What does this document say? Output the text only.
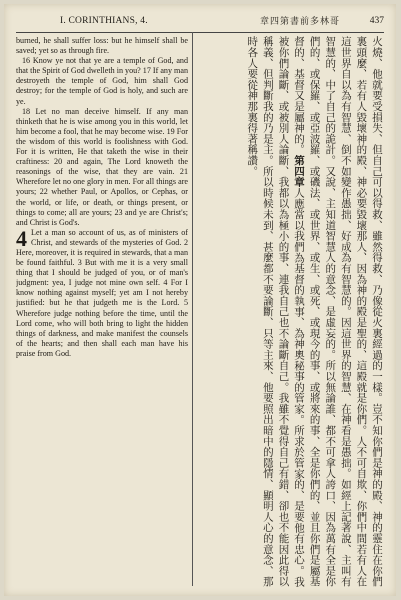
I. CORINTHIANS, 4.	章四第書前多林哥	437

burned, he shall suffer loss: but he himself shall be saved; yet so as through fire.

16 Know ye not that ye are a temple of God, and that the Spirit of God dwelleth in you? 17 If any man destroyeth the temple of God, him shall God destroy; for the temple of God is holy, and such are ye.

18 Let no man deceive himself. If any man thinketh that he is wise among you in this world, let him become a fool, that he may become wise. 19 For the wisdom of this world is foolishness with God. For it is written, He that taketh the wise in their craftiness: 20 and again, The Lord knoweth the reasonings of the wise, that they are vain. 21 Wherefore let no one glory in men. For all things are yours; 22 whether Paul, or Apollos, or Cephas, or the world, or life, or death, or things present, or things to come; all are yours; 23 and ye are Christ's; and Christ is God's.

4 Let a man so account of us, as of ministers of Christ, and stewards of the mysteries of God. 2 Here, moreover, it is required in stewards, that a man be found faithful. 3 But with me it is a very small thing that I should be judged of you, or of man's judgment: yea, I judge not mine own self. 4 For I know nothing against myself; yet am I not hereby justified: but he that judgeth me is the Lord. 5 Wherefore judge nothing before the time, until the Lord come, who will both bring to light the hidden things of darkness, and make manifest the counsels of the hearts; and then shall each man have his praise from God.	火燒、他就要受損失、但自己可以得救、雖然得救、乃像從火裏經過的一樣。豈不知你們是神的殿、神的靈住在你們裏頭麼、若有人毀壞神的殿、神必要毀壞那人、因為神的殿是聖的、這殿就是你們。人不可自欺、你們中間若有人在這世界自以為有智慧、倒不如變作愚拙、好成為有智慧的。因這世界的智慧、在神看是愚拙。如經上記著說、主叫有智慧的、中了自己的詭計。又說、主知道智慧人的意念、是虛妄的。所以無論誰、都不可拿人誇口、因為萬有全是你們的、或保羅、或亞波羅、或磯法、或世界、或生、或死、或現今的事、或將來的事、全是你們的、並且你們是屬基督的、基督又是屬神的。第四章人應當以我們為基督的執事、為神奧秘事的管家。所求於管家的、是要他有忠心。我被你們論斷、或被別人論斷、我都以為極小的事、連我自己也不論斷自己。我雖不覺得自己有錯、卻也不能因此得以稱義、但判斷我的乃是主。所以時候未到、甚麼都不要論斷、只等主來、他要照出暗中的隱情、顯明人心的意念、那時各人要從神那裏得著稱讚。
